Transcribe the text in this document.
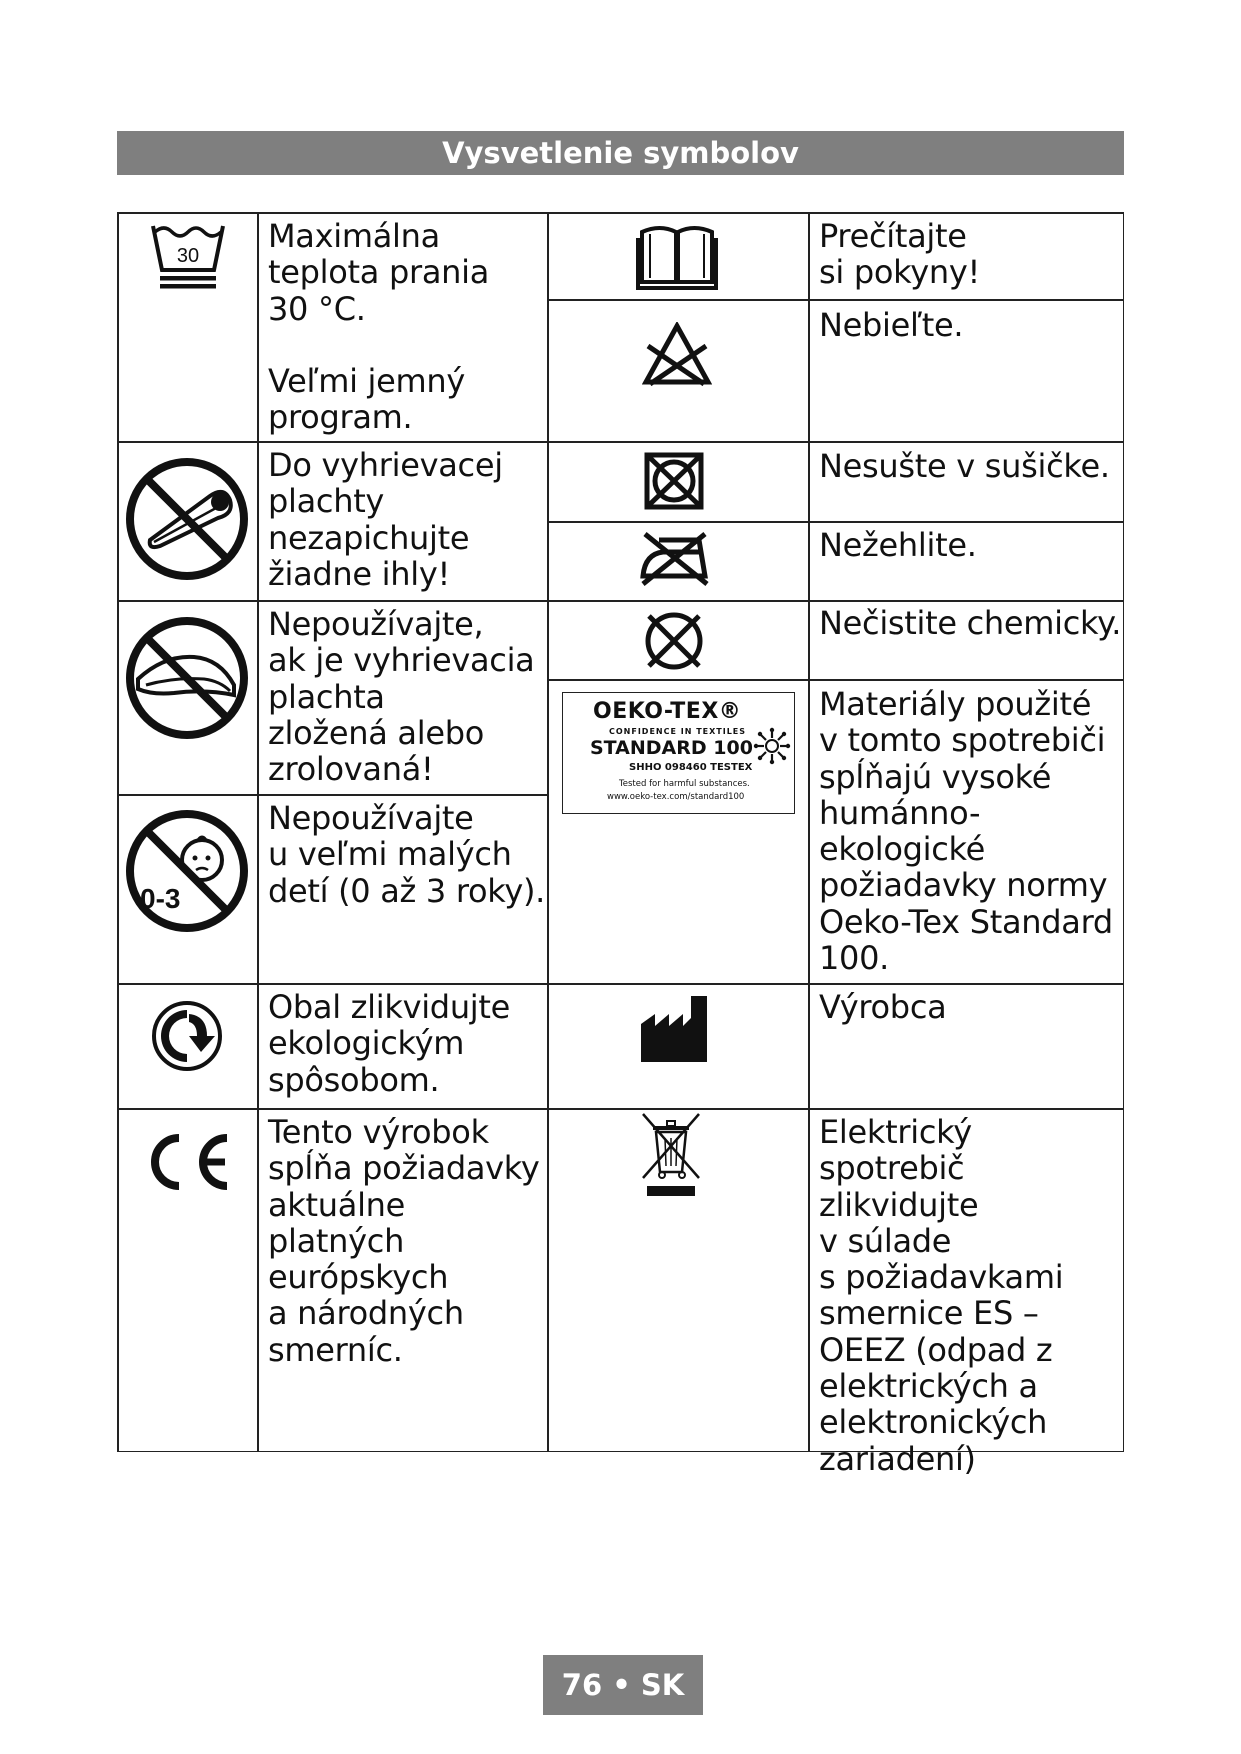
Vysvetlenie symbolov
Maximálna
teplota prania
30 °C.

Veľmi jemný
program.
Do vyhrievacej
plachty
nezapichujte
žiadne ihly!
Nepoužívajte,
ak je vyhrievacia
plachta
zložená alebo
zrolovaná!
Nepoužívajte
u veľmi malých
detí (0 až 3 roky).
Obal zlikvidujte
ekologickým
spôsobom.
Tento výrobok
spĺňa požiadavky
aktuálne
platných
európskych
a národných
smerníc.
Prečítajte
si pokyny!
Nebieľte.
Nesušte v sušičke.
Nežehlite.
Nečistite chemicky.
Materiály použité
v tomto spotrebiči
spĺňajú vysoké
humánno-
ekologické
požiadavky normy
Oeko-Tex Standard
100.
Výrobca
Elektrický spotrebič
zlikvidujte
v súlade
s požiadavkami
smernice ES –
OEEZ (odpad z
elektrických a
elektronických
zariadení)
30
0-3
OEKO-TEX®
CONFIDENCE IN TEXTILES
STANDARD 100
SHHO 098460 TESTEX
Tested for harmful substances.
www.oeko-tex.com/standard100
76 • SK
